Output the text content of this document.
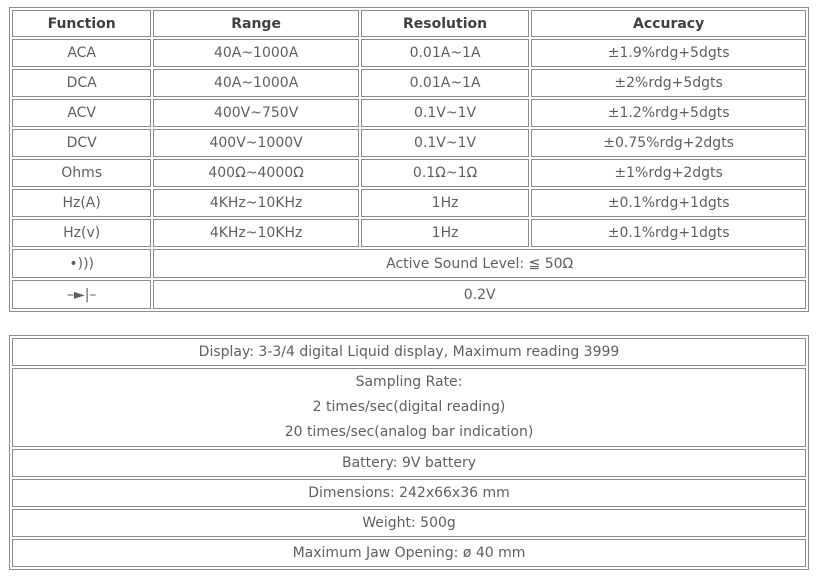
Function	Range	Resolution	Accuracy
ACA	40A~1000A	0.01A~1A	±1.9%rdg+5dgts
DCA	40A~1000A	0.01A~1A	±2%rdg+5dgts
ACV	400V~750V	0.1V~1V	±1.2%rdg+5dgts
DCV	400V~1000V	0.1V~1V	±0.75%rdg+2dgts
Ohms	400Ω~4000Ω	0.1Ω~1Ω	±1%rdg+2dgts
Hz(A)	4KHz~10KHz	1Hz	±0.1%rdg+1dgts
Hz(v)	4KHz~10KHz	1Hz	±0.1%rdg+1dgts
•)))	Active Sound Level: ≦ 50Ω		
–►|–	0.2V		
Display: 3-3/4 digital Liquid display, Maximum reading 3999

Sampling Rate:
2 times/sec(digital reading)
20 times/sec(analog bar indication)

Battery: 9V battery
Dimensions: 242x66x36 mm
Weight: 500g
Maximum Jaw Opening: ø 40 mm
